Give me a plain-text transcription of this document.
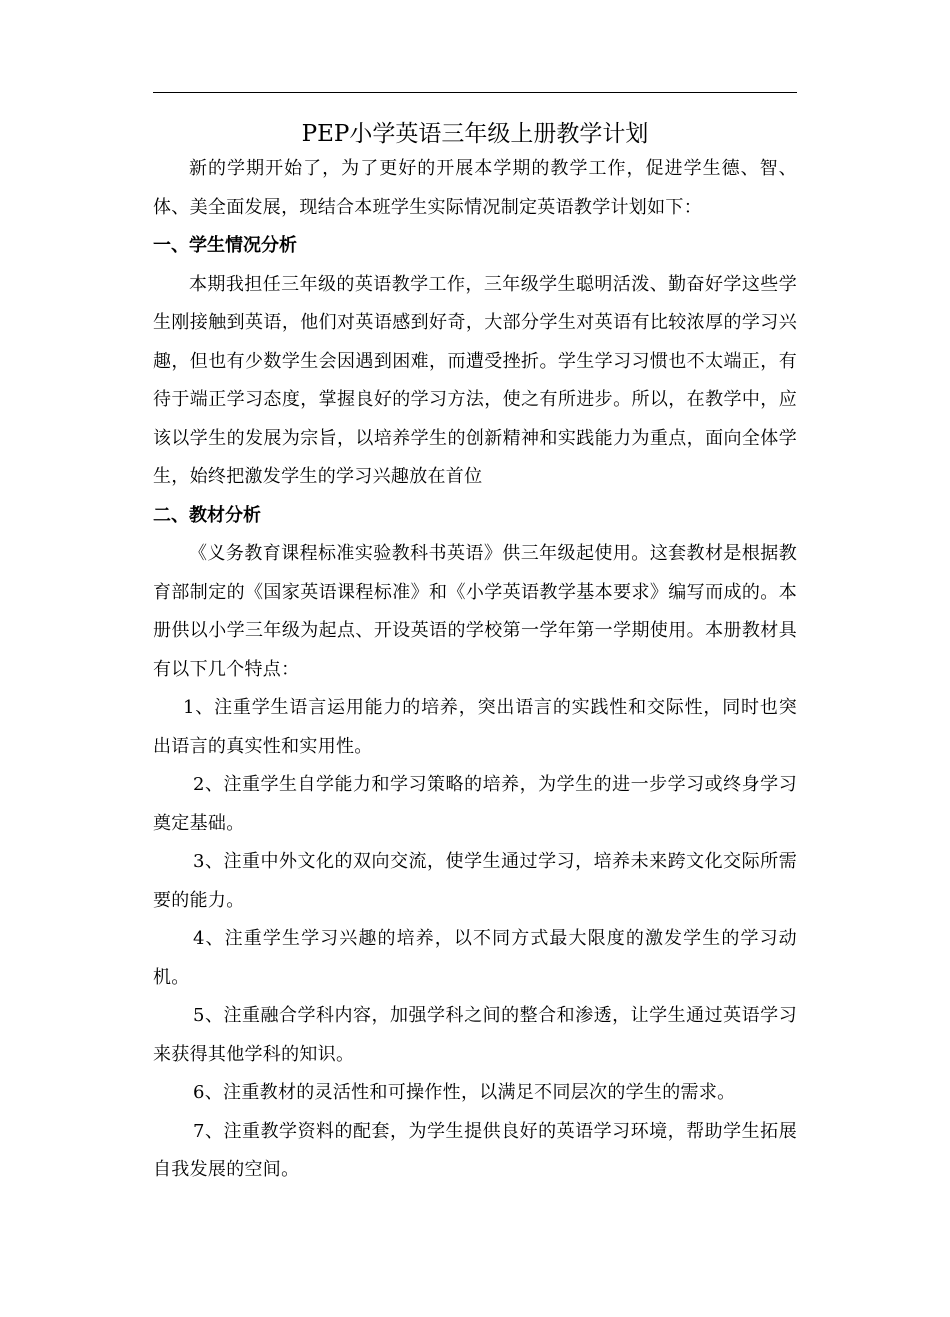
PEP小学英语三年级上册教学计划

新的学期开始了，为了更好的开展本学期的教学工作，促进学生德、智、体、美全面发展，现结合本班学生实际情况制定英语教学计划如下：

一、学生情况分析

本期我担任三年级的英语教学工作，三年级学生聪明活泼、勤奋好学这些学生刚接触到英语，他们对英语感到好奇，大部分学生对英语有比较浓厚的学习兴趣，但也有少数学生会因遇到困难，而遭受挫折。学生学习习惯也不太端正，有待于端正学习态度，掌握良好的学习方法，使之有所进步。所以，在教学中，应该以学生的发展为宗旨，以培养学生的创新精神和实践能力为重点，面向全体学生，始终把激发学生的学习兴趣放在首位

二、教材分析

《义务教育课程标准实验教科书英语》供三年级起使用。这套教材是根据教育部制定的《国家英语课程标准》和《小学英语教学基本要求》编写而成的。本册供以小学三年级为起点、开设英语的学校第一学年第一学期使用。本册教材具有以下几个特点：

1、注重学生语言运用能力的培养，突出语言的实践性和交际性，同时也突出语言的真实性和实用性。

2、注重学生自学能力和学习策略的培养，为学生的进一步学习或终身学习奠定基础。

3、注重中外文化的双向交流，使学生通过学习，培养未来跨文化交际所需要的能力。

4、注重学生学习兴趣的培养，以不同方式最大限度的激发学生的学习动机。

5、注重融合学科内容，加强学科之间的整合和渗透，让学生通过英语学习来获得其他学科的知识。

6、注重教材的灵活性和可操作性，以满足不同层次的学生的需求。

7、注重教学资料的配套，为学生提供良好的英语学习环境，帮助学生拓展自我发展的空间。
